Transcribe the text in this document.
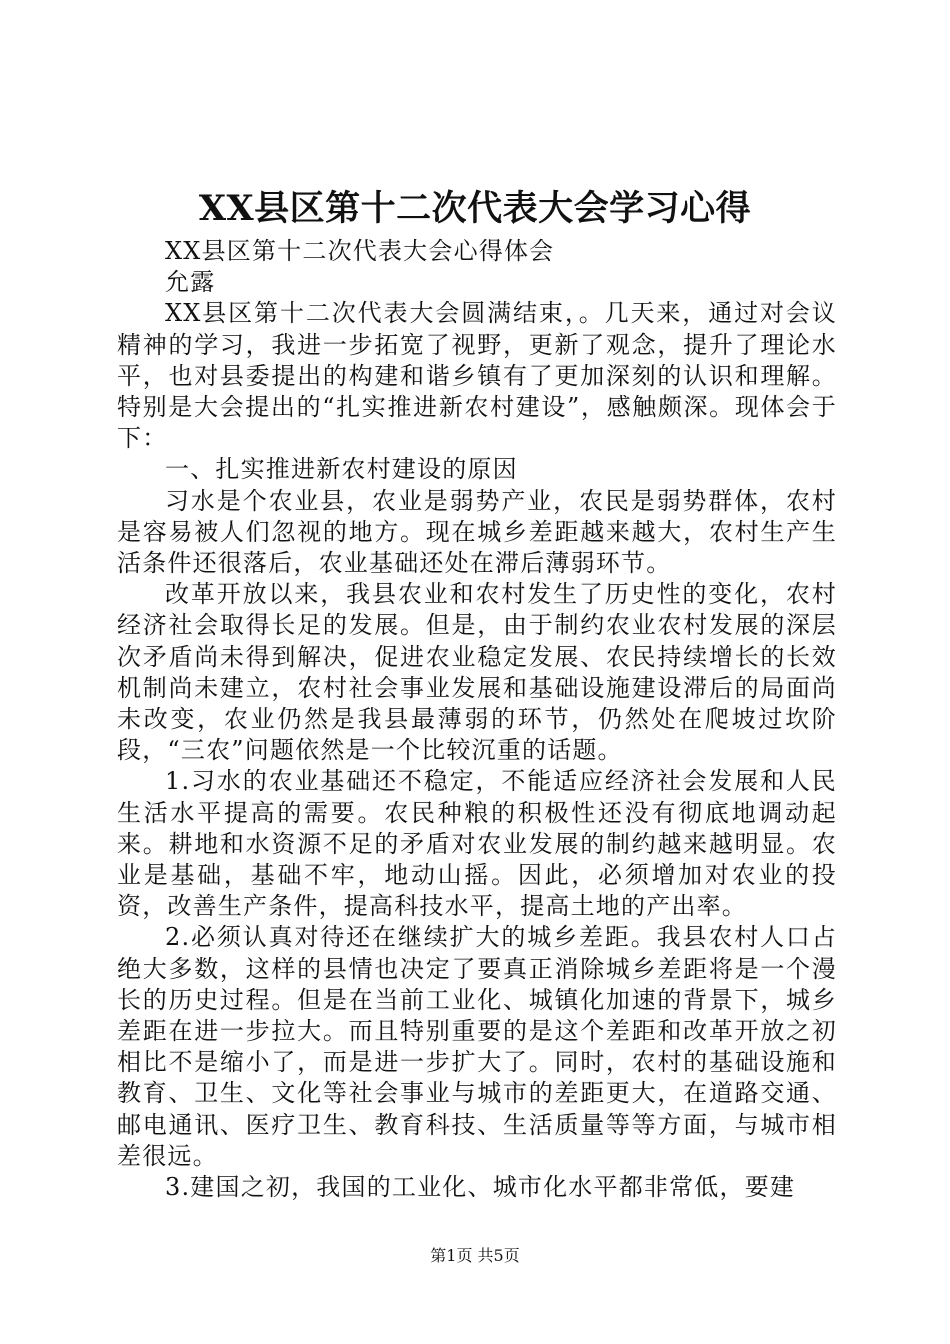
XX县区第十二次代表大会学习心得

XX县区第十二次代表大会心得体会

允露

XX县区第十二次代表大会圆满结束，。几天来，通过对会议精神的学习，我进一步拓宽了视野，更新了观念，提升了理论水平，也对县委提出的构建和谐乡镇有了更加深刻的认识和理解。特别是大会提出的“扎实推进新农村建设”，感触颇深。现体会于下：

一、扎实推进新农村建设的原因

习水是个农业县，农业是弱势产业，农民是弱势群体，农村是容易被人们忽视的地方。现在城乡差距越来越大，农村生产生活条件还很落后，农业基础还处在滞后薄弱环节。

改革开放以来，我县农业和农村发生了历史性的变化，农村经济社会取得长足的发展。但是，由于制约农业农村发展的深层次矛盾尚未得到解决，促进农业稳定发展、农民持续增长的长效机制尚未建立，农村社会事业发展和基础设施建设滞后的局面尚未改变，农业仍然是我县最薄弱的环节，仍然处在爬坡过坎阶段，“三农”问题依然是一个比较沉重的话题。

1.习水的农业基础还不稳定，不能适应经济社会发展和人民生活水平提高的需要。农民种粮的积极性还没有彻底地调动起来。耕地和水资源不足的矛盾对农业发展的制约越来越明显。农业是基础，基础不牢，地动山摇。因此，必须增加对农业的投资，改善生产条件，提高科技水平，提高土地的产出率。

2.必须认真对待还在继续扩大的城乡差距。我县农村人口占绝大多数，这样的县情也决定了要真正消除城乡差距将是一个漫长的历史过程。但是在当前工业化、城镇化加速的背景下，城乡差距在进一步拉大。而且特别重要的是这个差距和改革开放之初相比不是缩小了，而是进一步扩大了。同时，农村的基础设施和教育、卫生、文化等社会事业与城市的差距更大，在道路交通、邮电通讯、医疗卫生、教育科技、生活质量等等方面，与城市相差很远。

3.建国之初，我国的工业化、城市化水平都非常低，要建

第1页 共5页
